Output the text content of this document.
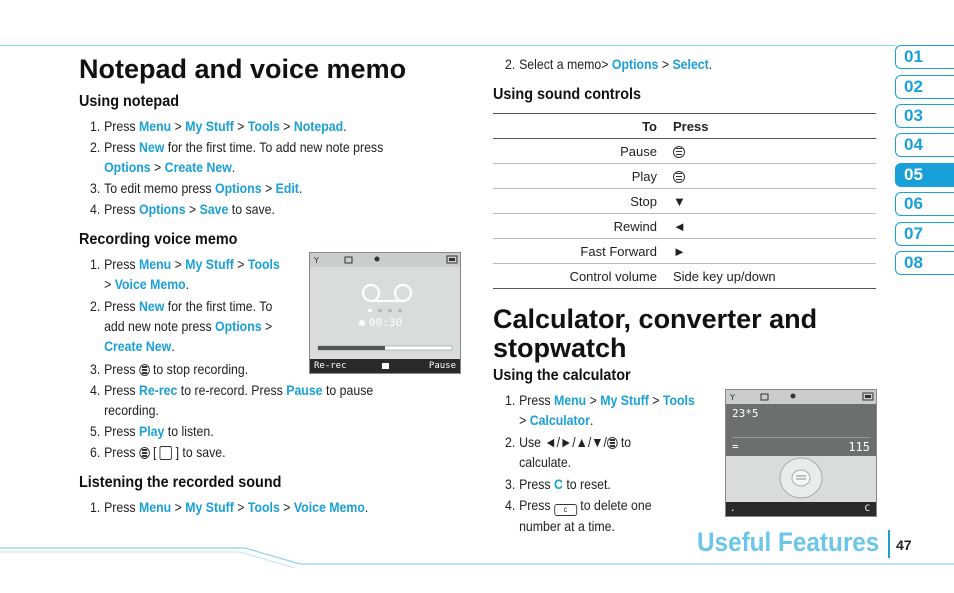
Notepad and voice memo
Using notepad
1. Press Menu > My Stuff > Tools > Notepad.
2. Press New for the first time. To add new note press
Options > Create New.
3. To edit memo press Options > Edit.
4. Press Options > Save to save.
Recording voice memo
1. Press Menu > My Stuff > Tools
> Voice Memo.
2. Press New for the first time. To
add new note press Options >
Create New.
3. Press  to stop recording.
4. Press Re-rec to re-record. Press Pause to pause
recording.
5. Press Play to listen.
6. Press  [  ] to save.
Y
00:30
Re-rec	Pause
Listening the recorded sound
1. Press Menu > My Stuff > Tools > Voice Memo.
2. Select a memo> Options > Select.
Using sound controls
To	Press
Pause	
Play	
Stop	▼
Rewind	◄
Fast Forward	►
Control volume	Side key up/down
Calculator, converter and
stopwatch
Using the calculator
1. Press Menu > My Stuff > Tools
> Calculator.
2. Use ◄/►/▲/▼/ to
calculate.
3. Press C to reset.
4. Press c to delete one
number at a time.
Y
23*5
=	115
.	C
01
02
03
04
05
06
07
08
Useful Features 47
